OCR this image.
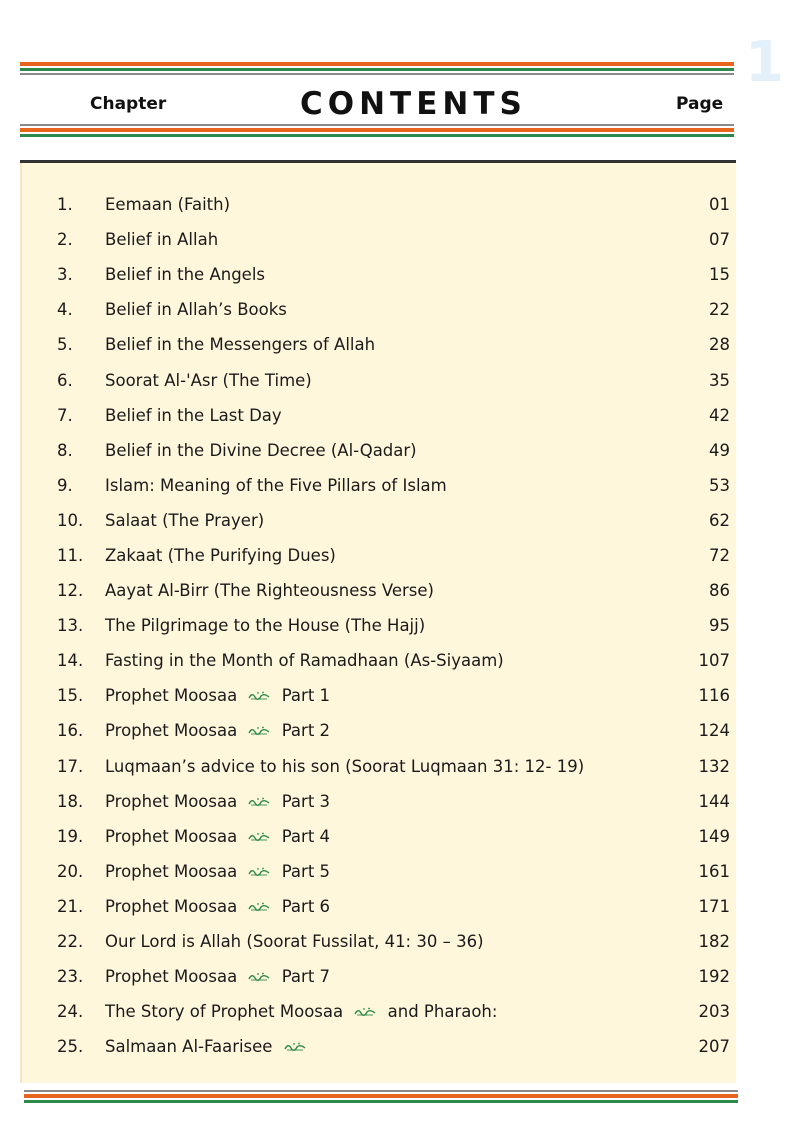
1
Chapter	CONTENTS	Page
1.	Eemaan (Faith)	01
2.	Belief in Allah	07
3.	Belief in the Angels	15
4.	Belief in Allah’s Books	22
5.	Belief in the Messengers of Allah	28
6.	Soorat Al-'Asr (The Time)	35
7.	Belief in the Last Day	42
8.	Belief in the Divine Decree (Al-Qadar)	49
9.	Islam: Meaning of the Five Pillars of Islam	53
10.	Salaat (The Prayer)	62
11.	Zakaat (The Purifying Dues)	72
12.	Aayat Al-Birr (The Righteousness Verse)	86
13.	The Pilgrimage to the House (The Hajj)	95
14.	Fasting in the Month of Ramadhaan (As-Siyaam)	107
15.	Prophet Moosaa	Part 1	116
16.	Prophet Moosaa	Part 2	124
17.	Luqmaan’s advice to his son (Soorat Luqmaan 31: 12- 19)	132
18.	Prophet Moosaa	Part 3	144
19.	Prophet Moosaa	Part 4	149
20.	Prophet Moosaa	Part 5	161
21.	Prophet Moosaa	Part 6	171
22.	Our Lord is Allah (Soorat Fussilat, 41: 30 – 36)	182
23.	Prophet Moosaa	Part 7	192
24.	The Story of Prophet Moosaa	and Pharaoh:	203
25.	Salmaan Al-Faarisee	207
